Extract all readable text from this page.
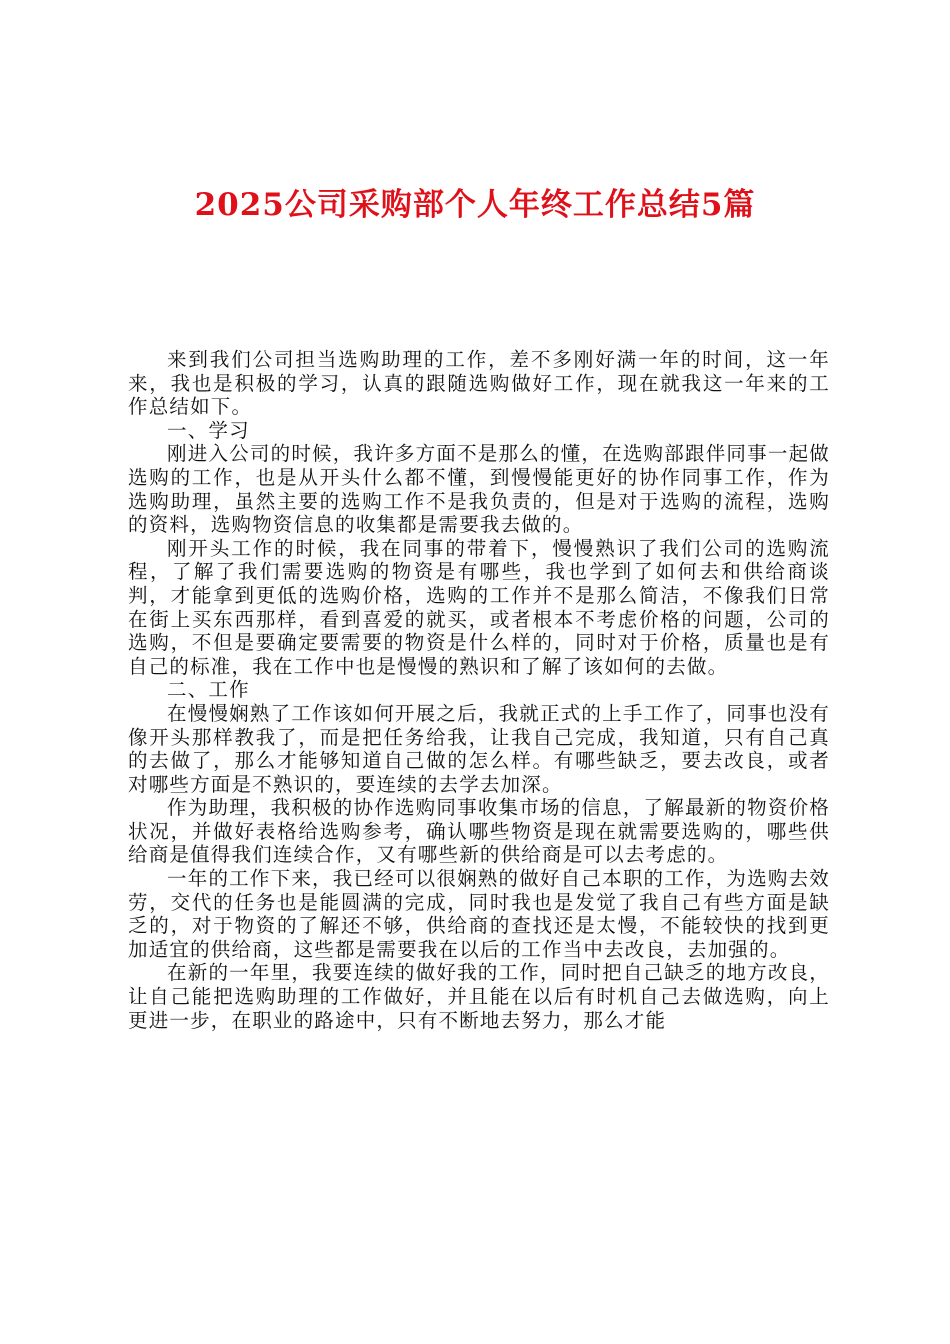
2025公司采购部个人年终工作总结5篇

来到我们公司担当选购助理的工作，差不多刚好满一年的时间，这一年来，我也是积极的学习，认真的跟随选购做好工作，现在就我这一年来的工作总结如下。

一、学习

刚进入公司的时候，我许多方面不是那么的懂，在选购部跟伴同事一起做选购的工作，也是从开头什么都不懂，到慢慢能更好的协作同事工作，作为选购助理，虽然主要的选购工作不是我负责的，但是对于选购的流程，选购的资料，选购物资信息的收集都是需要我去做的。

刚开头工作的时候，我在同事的带着下，慢慢熟识了我们公司的选购流程，了解了我们需要选购的物资是有哪些，我也学到了如何去和供给商谈判，才能拿到更低的选购价格，选购的工作并不是那么简洁，不像我们日常在街上买东西那样，看到喜爱的就买，或者根本不考虑价格的问题，公司的选购，不但是要确定要需要的物资是什么样的，同时对于价格，质量也是有自己的标准，我在工作中也是慢慢的熟识和了解了该如何的去做。

二、工作

在慢慢娴熟了工作该如何开展之后，我就正式的上手工作了，同事也没有像开头那样教我了，而是把任务给我，让我自己完成，我知道，只有自己真的去做了，那么才能够知道自己做的怎么样。有哪些缺乏，要去改良，或者对哪些方面是不熟识的，要连续的去学去加深。

作为助理，我积极的协作选购同事收集市场的信息，了解最新的物资价格状况，并做好表格给选购参考，确认哪些物资是现在就需要选购的，哪些供给商是值得我们连续合作，又有哪些新的供给商是可以去考虑的。

一年的工作下来，我已经可以很娴熟的做好自己本职的工作，为选购去效劳，交代的任务也是能圆满的完成，同时我也是发觉了我自己有些方面是缺乏的，对于物资的了解还不够，供给商的查找还是太慢，不能较快的找到更加适宜的供给商，这些都是需要我在以后的工作当中去改良，去加强的。

在新的一年里，我要连续的做好我的工作，同时把自己缺乏的地方改良，让自己能把选购助理的工作做好，并且能在以后有时机自己去做选购，向上更进一步，在职业的路途中，只有不断地去努力，那么才能
